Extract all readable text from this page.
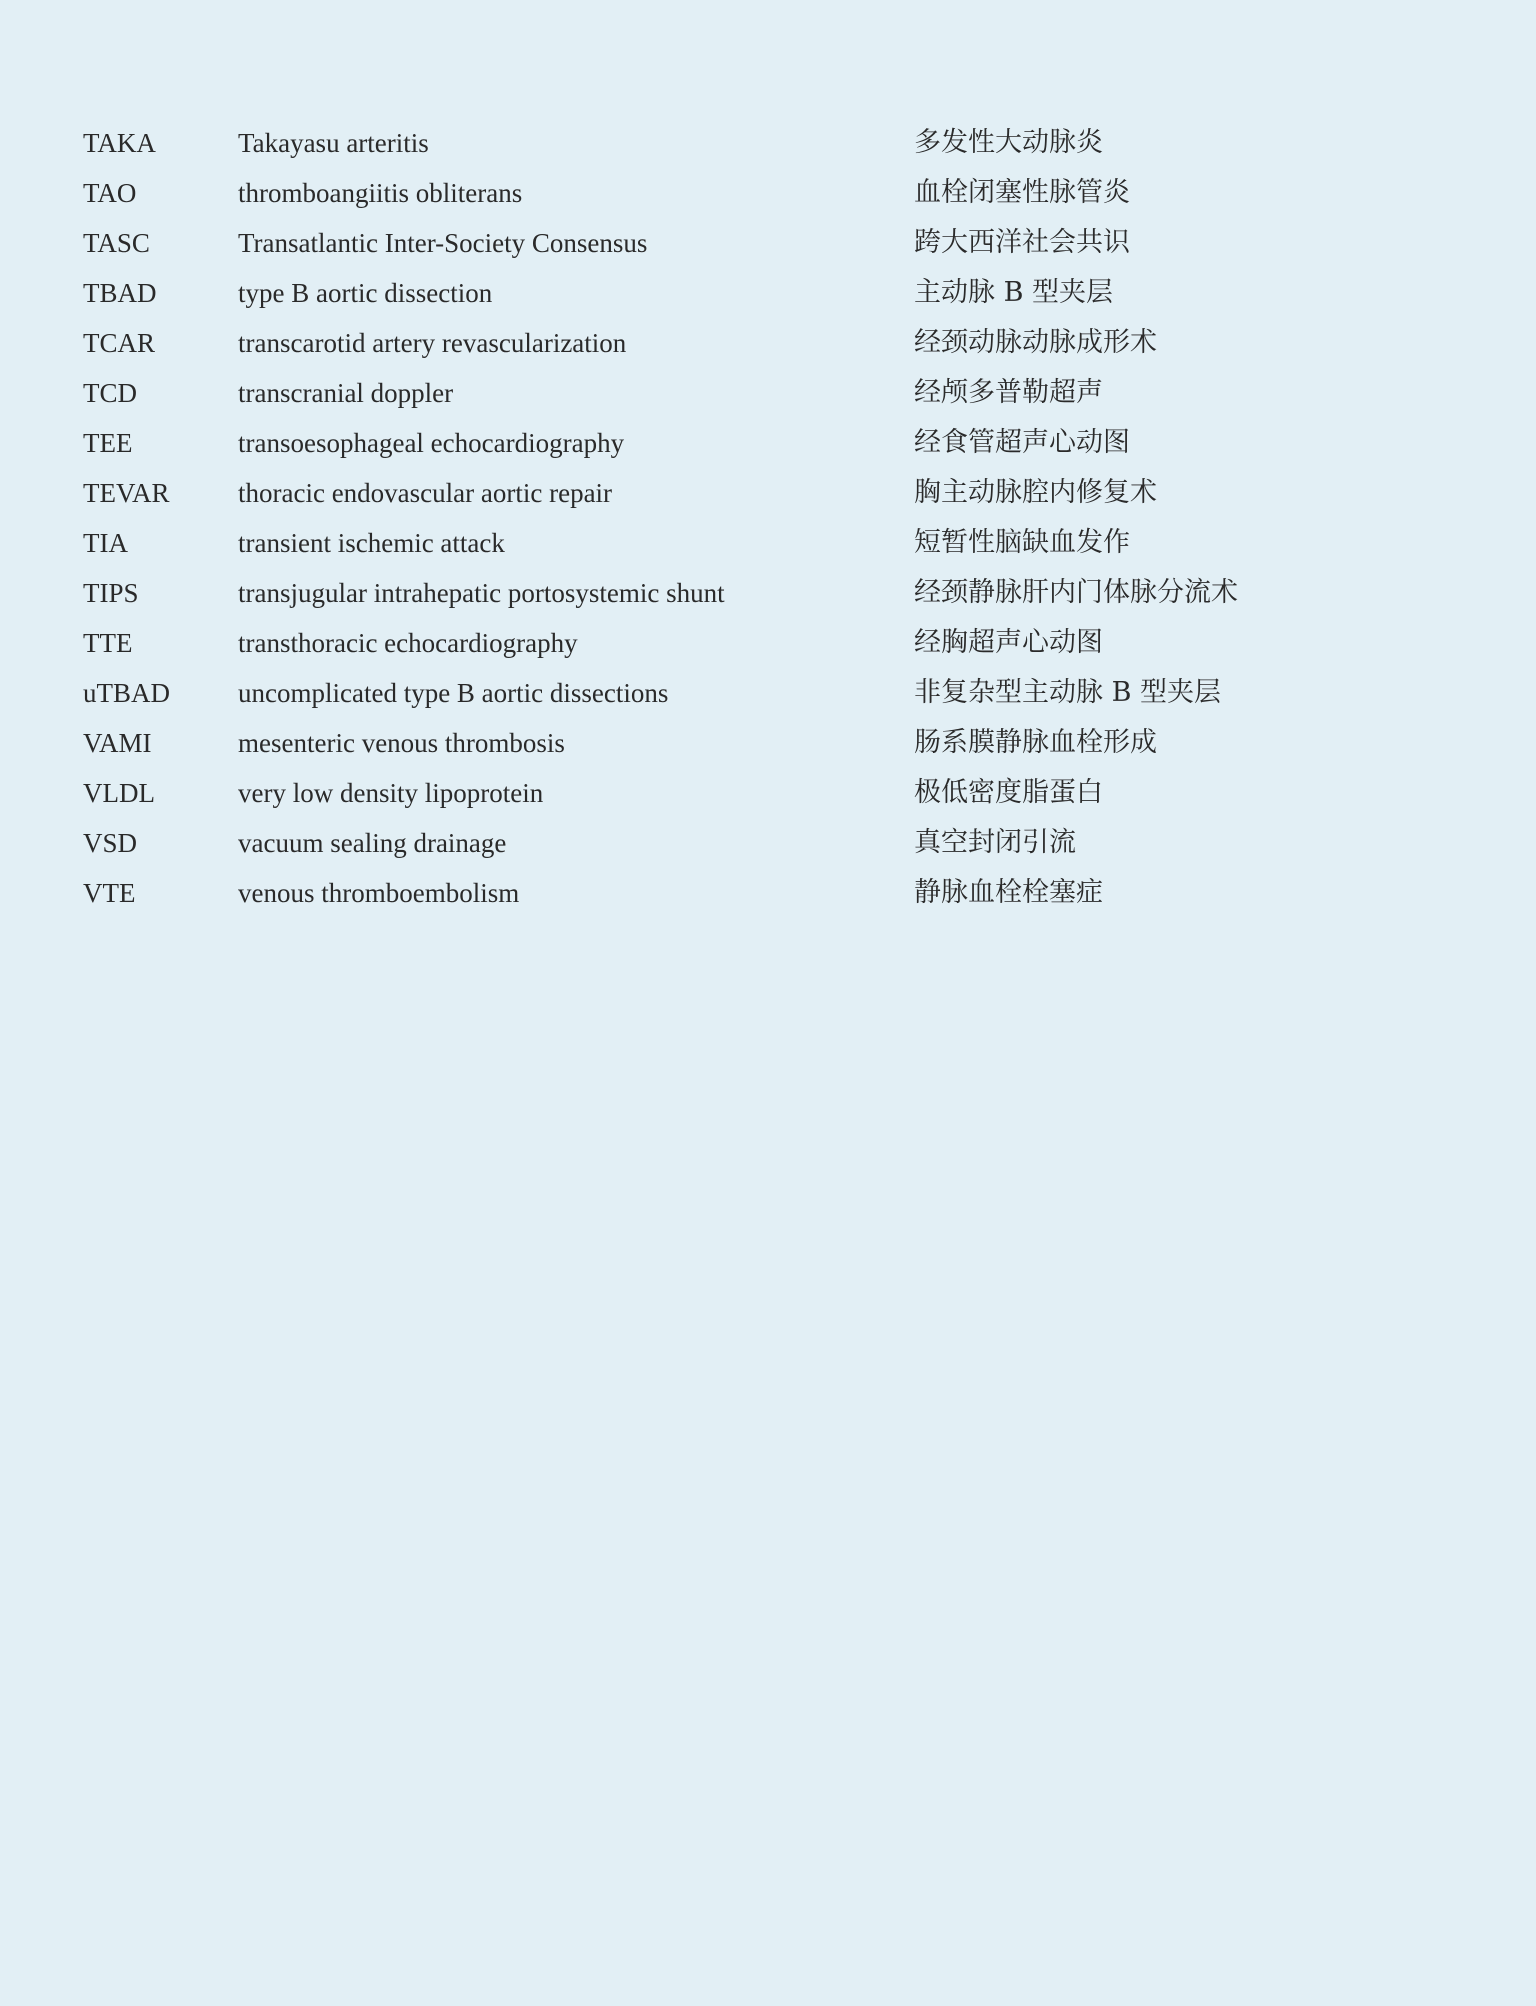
TAKA	Takayasu arteritis	多发性大动脉炎
TAO	thromboangiitis obliterans	血栓闭塞性脉管炎
TASC	Transatlantic Inter-Society Consensus	跨大西洋社会共识
TBAD	type B aortic dissection	主动脉 B 型夹层
TCAR	transcarotid artery revascularization	经颈动脉动脉成形术
TCD	transcranial doppler	经颅多普勒超声
TEE	transoesophageal echocardiography	经食管超声心动图
TEVAR	thoracic endovascular aortic repair	胸主动脉腔内修复术
TIA	transient ischemic attack	短暂性脑缺血发作
TIPS	transjugular intrahepatic portosystemic shunt	经颈静脉肝内门体脉分流术
TTE	transthoracic echocardiography	经胸超声心动图
uTBAD	uncomplicated type B aortic dissections	非复杂型主动脉 B 型夹层
VAMI	mesenteric venous thrombosis	肠系膜静脉血栓形成
VLDL	very low density lipoprotein	极低密度脂蛋白
VSD	vacuum sealing drainage	真空封闭引流
VTE	venous thromboembolism	静脉血栓栓塞症
